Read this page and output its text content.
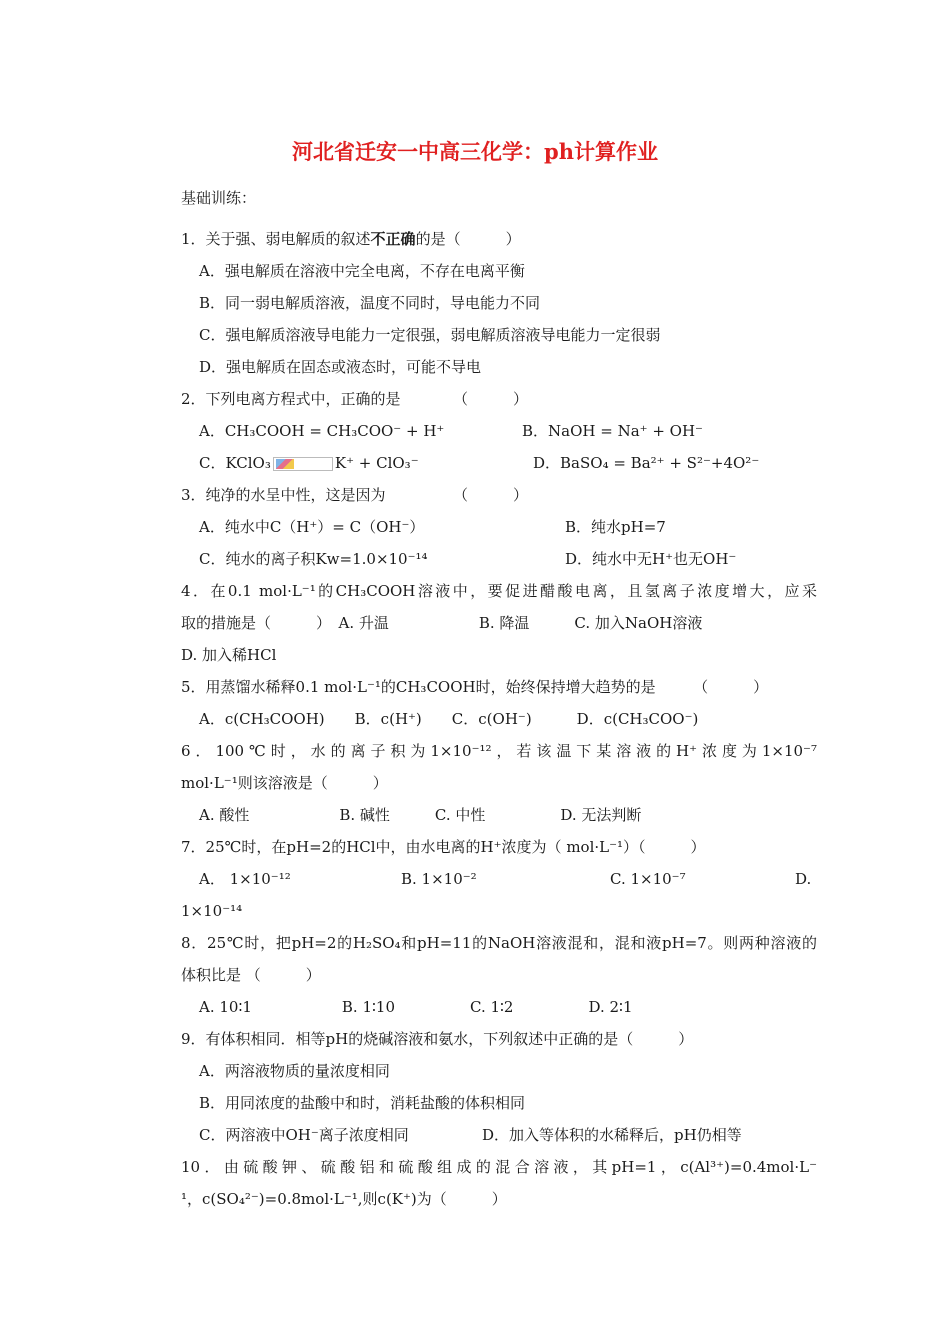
河北省迁安一中高三化学：ph计算作业
基础训练：
1．关于强、弱电解质的叙述不正确的是（　　　）
A．强电解质在溶液中完全电离，不存在电离平衡
B．同一弱电解质溶液，温度不同时，导电能力不同
C．强电解质溶液导电能力一定很强，弱电解质溶液导电能力一定很弱
D．强电解质在固态或液态时，可能不导电
2．下列电离方程式中，正确的是　　　　（　　　）
A．CH₃COOH = CH₃COO⁻ + H⁺	B．NaOH = Na⁺ + OH⁻
C．KClO₃	K⁺ + ClO₃⁻	D．BaSO₄ = Ba²⁺ + S²⁻+4O²⁻
3．纯净的水呈中性，这是因为　　　　　（　　　）
A．纯水中C（H⁺）= C（OH⁻）	B．纯水pH=7
C．纯水的离子积Kw=1.0×10⁻¹⁴	D．纯水中无H⁺也无OH⁻
4．在0.1 mol·L⁻¹的CH₃COOH溶液中，要促进醋酸电离，且氢离子浓度增大，应采
取的措施是（　　　）　A. 升温　　　　　　B. 降温　　　C. 加入NaOH溶液
D. 加入稀HCl
5．用蒸馏水稀释0.1 mol·L⁻¹的CH₃COOH时，始终保持增大趋势的是　　　（　　　）
A．c(CH₃COOH)　　B．c(H⁺)　　C．c(OH⁻)　　　D．c(CH₃COO⁻)
6．100℃时，水的离子积为1×10⁻¹²，若该温下某溶液的H⁺浓度为1×10⁻⁷
mol·L⁻¹则该溶液是（　　　）
A. 酸性　　　　　　B. 碱性　　　C. 中性　　　　　D. 无法判断
7．25℃时，在pH=2的HCl中，由水电离的H⁺浓度为（ mol·L⁻¹）（　　　）
A． 1×10⁻¹²	B. 1×10⁻²	C. 1×10⁻⁷	D.
1×10⁻¹⁴
8．25℃时，把pH=2的H₂SO₄和pH=11的NaOH溶液混和，混和液pH=7。则两种溶液的
体积比是 （　　　）
A. 10∶1　　　　　　B. 1∶10　　　　　C. 1∶2　　　　　D. 2∶1
9．有体积相同．相等pH的烧碱溶液和氨水，下列叙述中正确的是（　　　）
A．两溶液物质的量浓度相同
B．用同浓度的盐酸中和时，消耗盐酸的体积相同
C．两溶液中OH⁻离子浓度相同	D．加入等体积的水稀释后，pH仍相等
10．由硫酸钾、硫酸铝和硫酸组成的混合溶液，其pH=1，c(Al³⁺)=0.4mol·L⁻
¹，c(SO₄²⁻)=0.8mol·L⁻¹,则c(K⁺)为（　　　）
